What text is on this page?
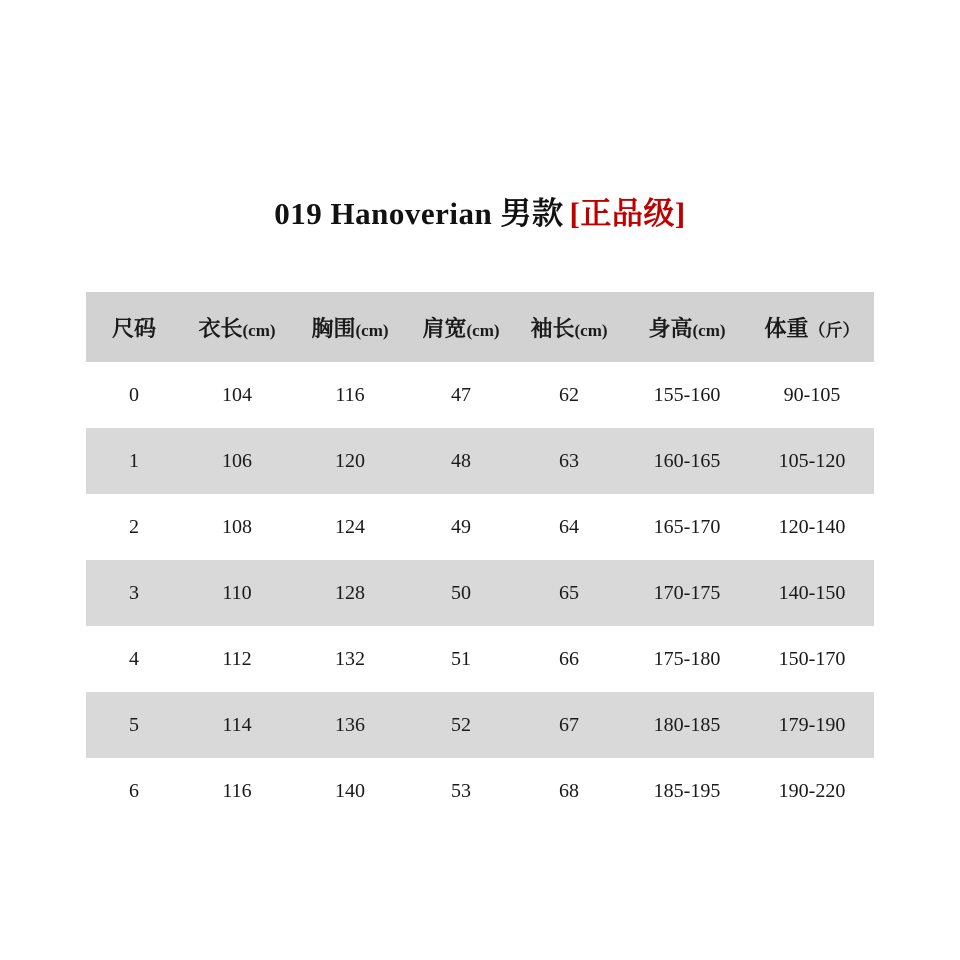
019 Hanoverian 男款 [正品级]
尺码	衣长(cm)	胸围(cm)	肩宽(cm)	袖长(cm)	身高(cm)	体重（斤）
0	104	116	47	62	155-160	90-105
1	106	120	48	63	160-165	105-120
2	108	124	49	64	165-170	120-140
3	110	128	50	65	170-175	140-150
4	112	132	51	66	175-180	150-170
5	114	136	52	67	180-185	179-190
6	116	140	53	68	185-195	190-220
